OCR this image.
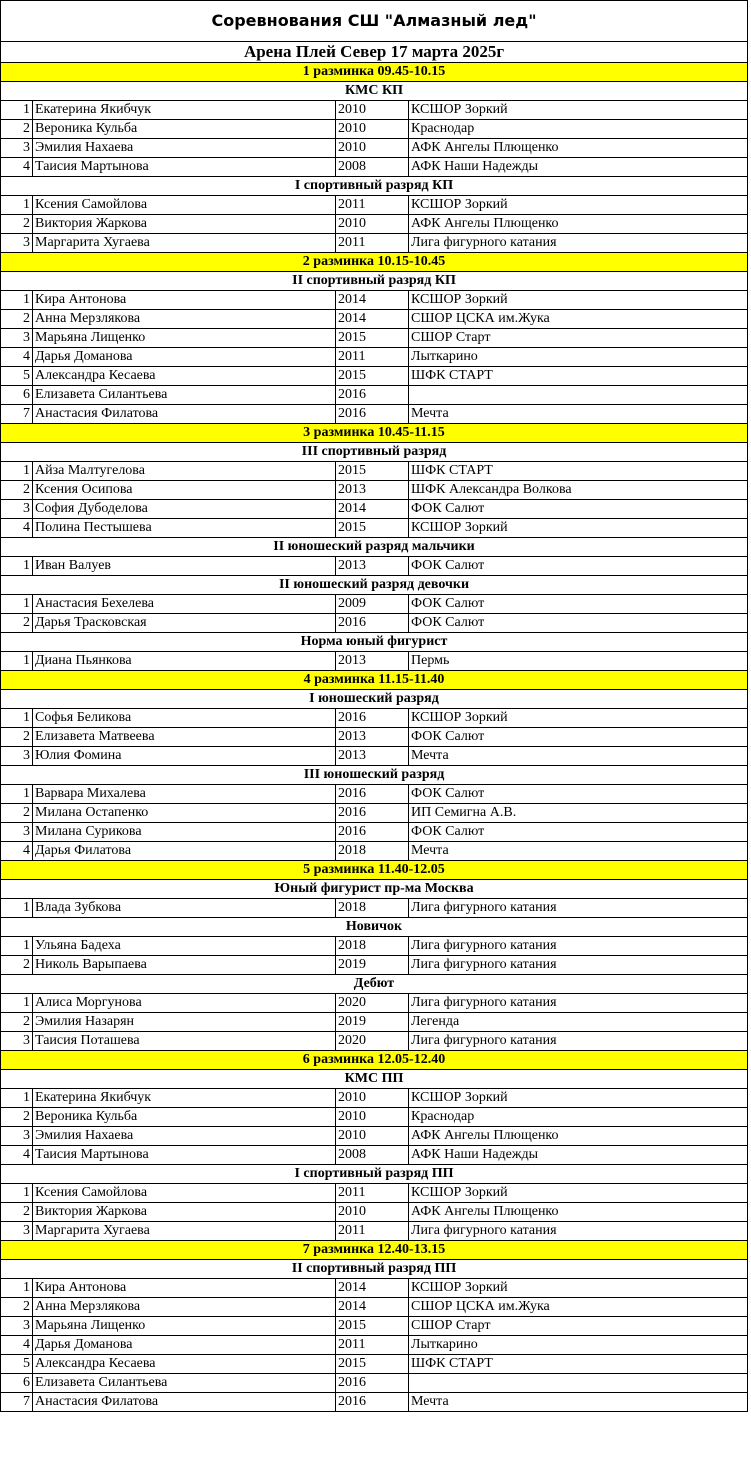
Соревнования СШ "Алмазный лед"			
Арена Плей Север 17 марта 2025г			
1 разминка 09.45-10.15			
КМС КП			
1	Екатерина Якибчук	2010	КСШОР Зоркий
2	Вероника Кульба	2010	Краснодар
3	Эмилия Нахаева	2010	АФК Ангелы Плющенко
4	Таисия Мартынова	2008	АФК Наши Надежды
I спортивный разряд КП			
1	Ксения Самойлова	2011	КСШОР Зоркий
2	Виктория Жаркова	2010	АФК Ангелы Плющенко
3	Маргарита Хугаева	2011	Лига фигурного катания
2 разминка 10.15-10.45			
II спортивный разряд КП			
1	Кира Антонова	2014	КСШОР Зоркий
2	Анна Мерзлякова	2014	СШОР ЦСКА им.Жука
3	Марьяна Лищенко	2015	СШОР Старт
4	Дарья Доманова	2011	Лыткарино
5	Александра Кесаева	2015	ШФК СТАРТ
6	Елизавета Силантьева	2016	
7	Анастасия Филатова	2016	Мечта
3 разминка 10.45-11.15			
III спортивный разряд			
1	Айза Малтугелова	2015	ШФК СТАРТ
2	Ксения Осипова	2013	ШФК Александра Волкова
3	София Дубоделова	2014	ФОК Салют
4	Полина Пестышева	2015	КСШОР Зоркий
II юношеский разряд мальчики			
1	Иван Валуев	2013	ФОК Салют
II юношеский разряд девочки			
1	Анастасия Бехелева	2009	ФОК Салют
2	Дарья Трасковская	2016	ФОК Салют
Норма юный фигурист			
1	Диана Пьянкова	2013	Пермь
4 разминка 11.15-11.40			
I юношеский разряд			
1	Софья Беликова	2016	КСШОР Зоркий
2	Елизавета Матвеева	2013	ФОК Салют
3	Юлия Фомина	2013	Мечта
III юношеский разряд			
1	Варвара Михалева	2016	ФОК Салют
2	Милана Остапенко	2016	ИП Семигна А.В.
3	Милана Сурикова	2016	ФОК Салют
4	Дарья Филатова	2018	Мечта
5 разминка 11.40-12.05			
Юный фигурист пр-ма Москва			
1	Влада Зубкова	2018	Лига фигурного катания
Новичок			
1	Ульяна Бадеха	2018	Лига фигурного катания
2	Николь Варыпаева	2019	Лига фигурного катания
Дебют			
1	Алиса Моргунова	2020	Лига фигурного катания
2	Эмилия Назарян	2019	Легенда
3	Таисия Поташева	2020	Лига фигурного катания
6 разминка 12.05-12.40			
КМС ПП			
1	Екатерина Якибчук	2010	КСШОР Зоркий
2	Вероника Кульба	2010	Краснодар
3	Эмилия Нахаева	2010	АФК Ангелы Плющенко
4	Таисия Мартынова	2008	АФК Наши Надежды
I спортивный разряд ПП			
1	Ксения Самойлова	2011	КСШОР Зоркий
2	Виктория Жаркова	2010	АФК Ангелы Плющенко
3	Маргарита Хугаева	2011	Лига фигурного катания
7 разминка 12.40-13.15			
II спортивный разряд ПП			
1	Кира Антонова	2014	КСШОР Зоркий
2	Анна Мерзлякова	2014	СШОР ЦСКА им.Жука
3	Марьяна Лищенко	2015	СШОР Старт
4	Дарья Доманова	2011	Лыткарино
5	Александра Кесаева	2015	ШФК СТАРТ
6	Елизавета Силантьева	2016	
7	Анастасия Филатова	2016	Мечта
